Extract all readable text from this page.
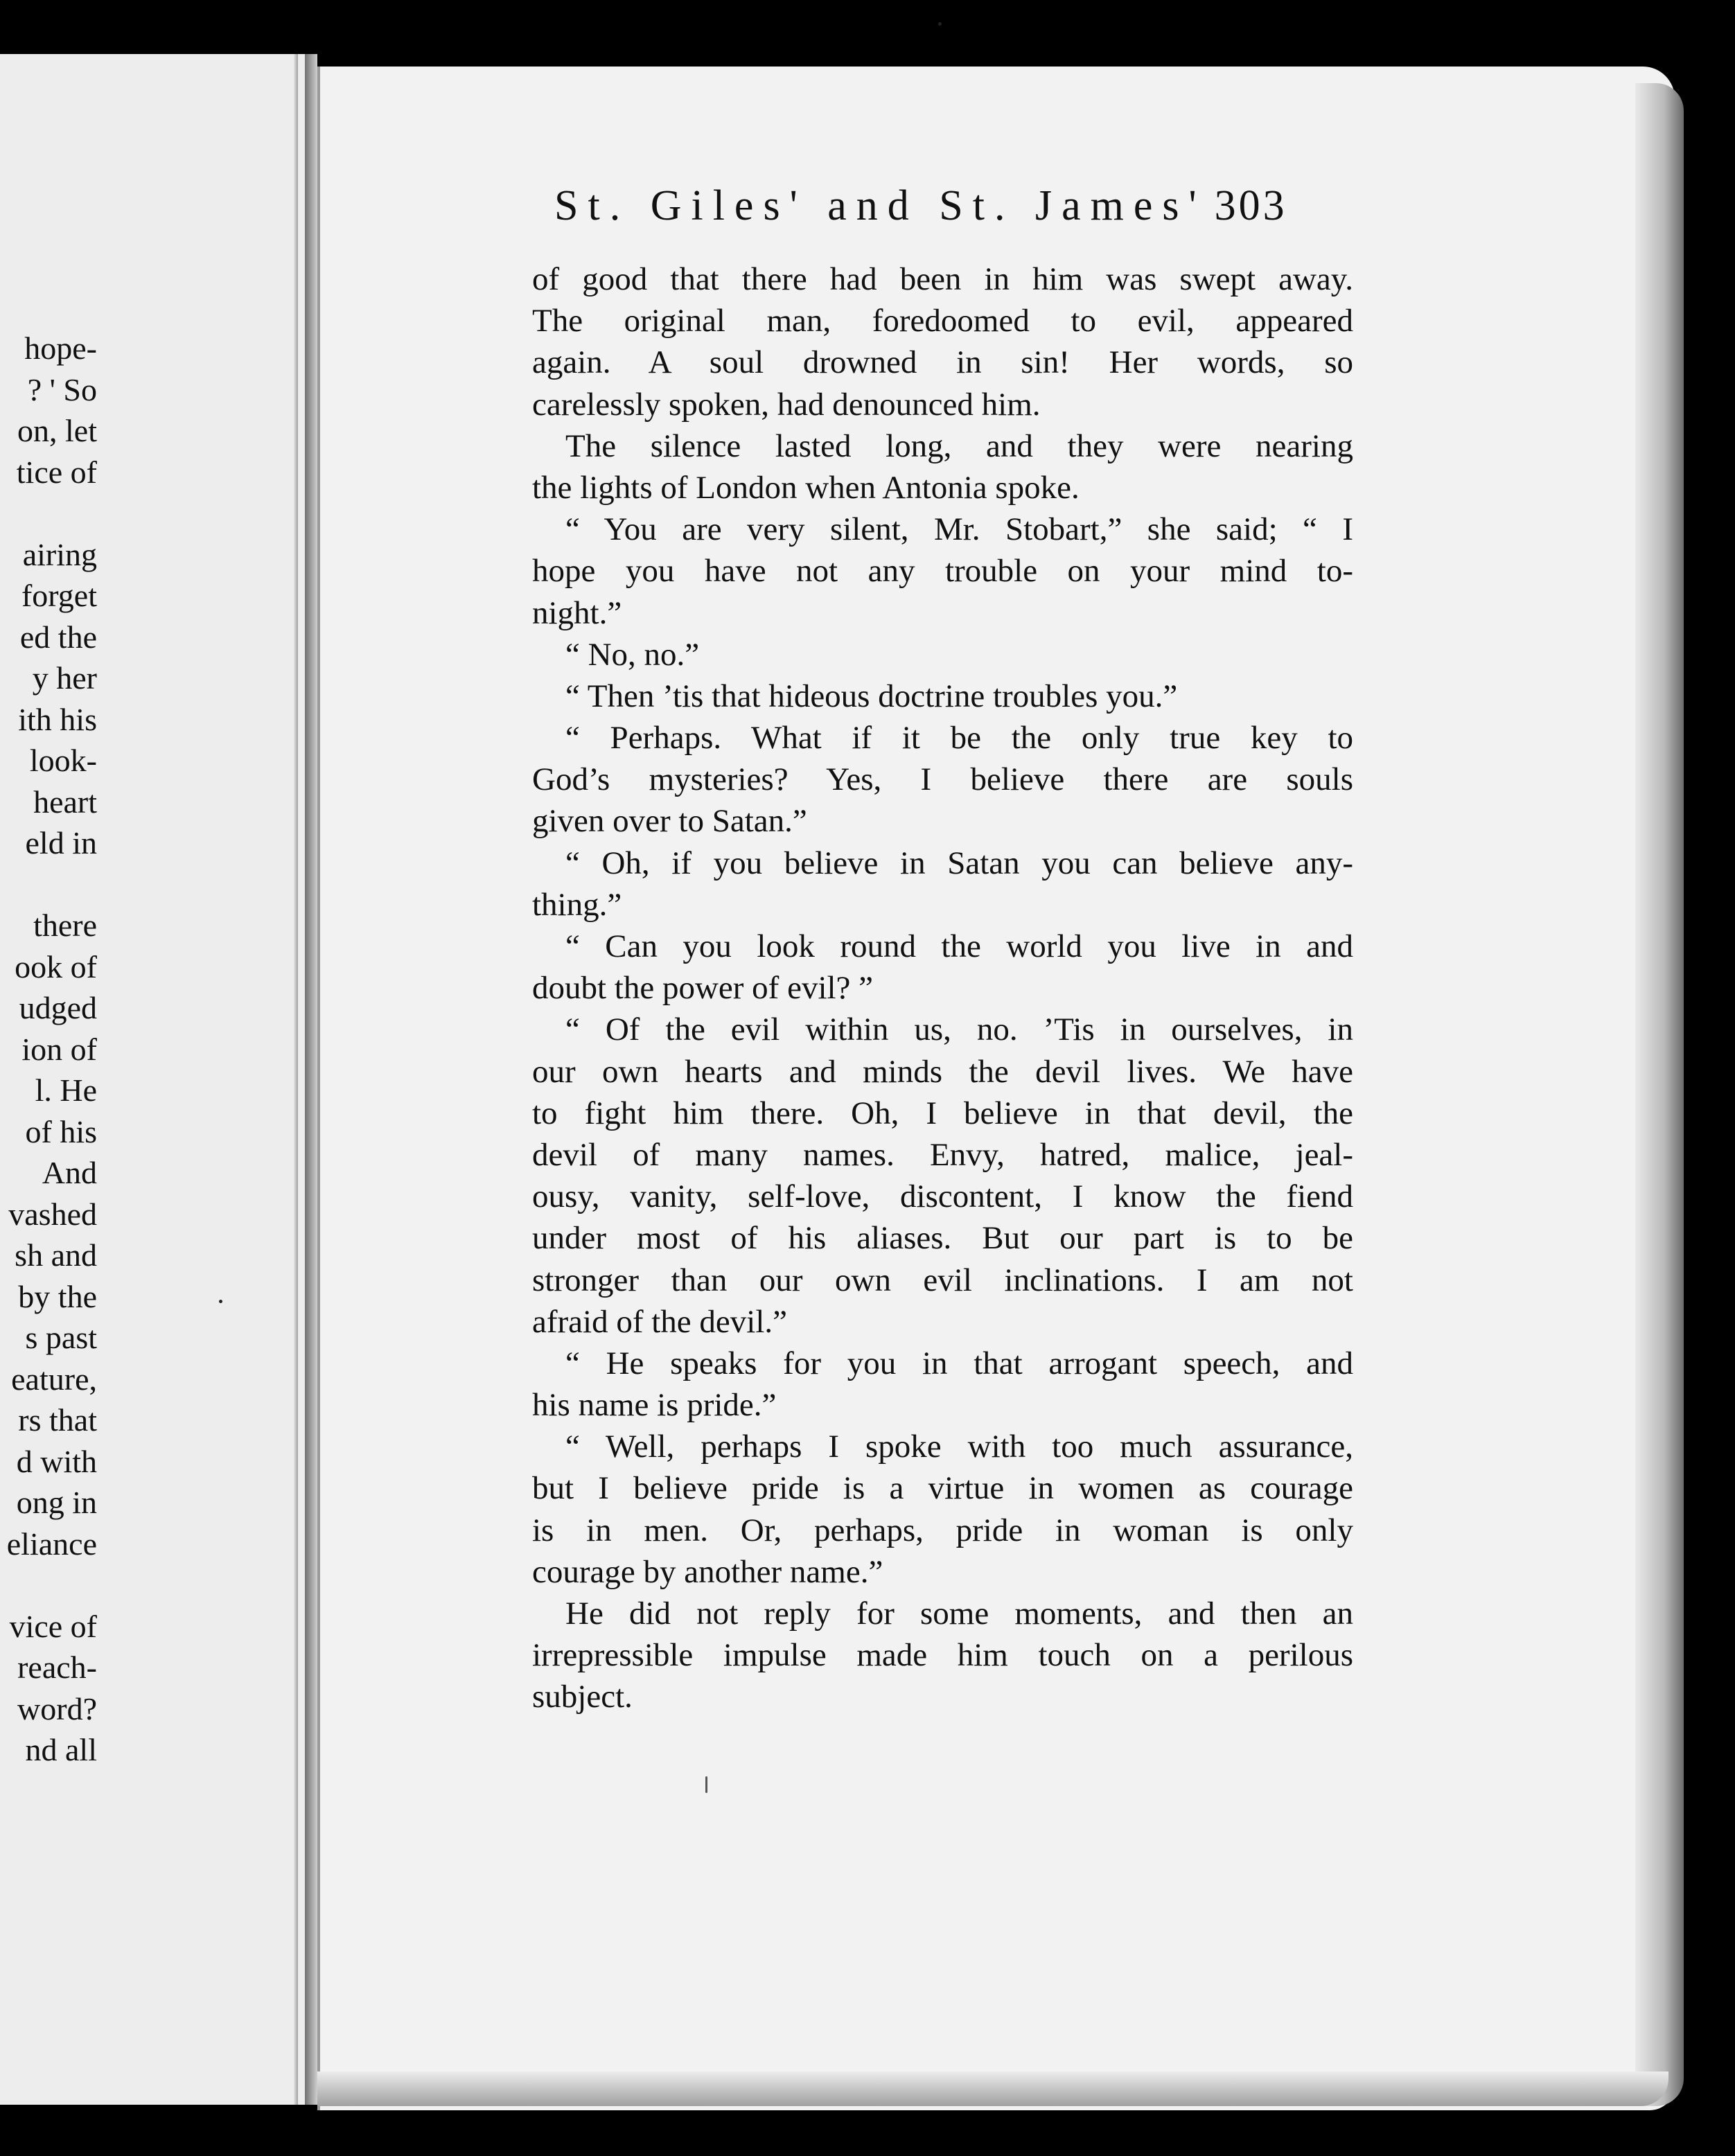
hope-
? ' So
on, let
tice of
airing
forget
ed the
y her
ith his
look-
heart
eld in
there
ook of
udged
ion of
l. He
of his
And
vashed
sh and
by the
s past
eature,
rs that
d with
ong in
eliance
vice of
reach-
word?
nd all
St. Giles' and St. James' 303
of good that there had been in him was swept away.
The original man, foredoomed to evil, appeared
again. A soul drowned in sin! Her words, so
carelessly spoken, had denounced him.
The silence lasted long, and they were nearing
the lights of London when Antonia spoke.
“ You are very silent, Mr. Stobart,” she said; “ I
hope you have not any trouble on your mind to-
night.”
“ No, no.”
“ Then ’tis that hideous doctrine troubles you.”
“ Perhaps. What if it be the only true key to
God’s mysteries? Yes, I believe there are souls
given over to Satan.”
“ Oh, if you believe in Satan you can believe any-
thing.”
“ Can you look round the world you live in and
doubt the power of evil? ”
“ Of the evil within us, no. ’Tis in ourselves, in
our own hearts and minds the devil lives. We have
to fight him there. Oh, I believe in that devil, the
devil of many names. Envy, hatred, malice, jeal-
ousy, vanity, self-love, discontent, I know the fiend
under most of his aliases. But our part is to be
stronger than our own evil inclinations. I am not
afraid of the devil.”
“ He speaks for you in that arrogant speech, and
his name is pride.”
“ Well, perhaps I spoke with too much assurance,
but I believe pride is a virtue in women as courage
is in men. Or, perhaps, pride in woman is only
courage by another name.”
He did not reply for some moments, and then an
irrepressible impulse made him touch on a perilous
subject.
